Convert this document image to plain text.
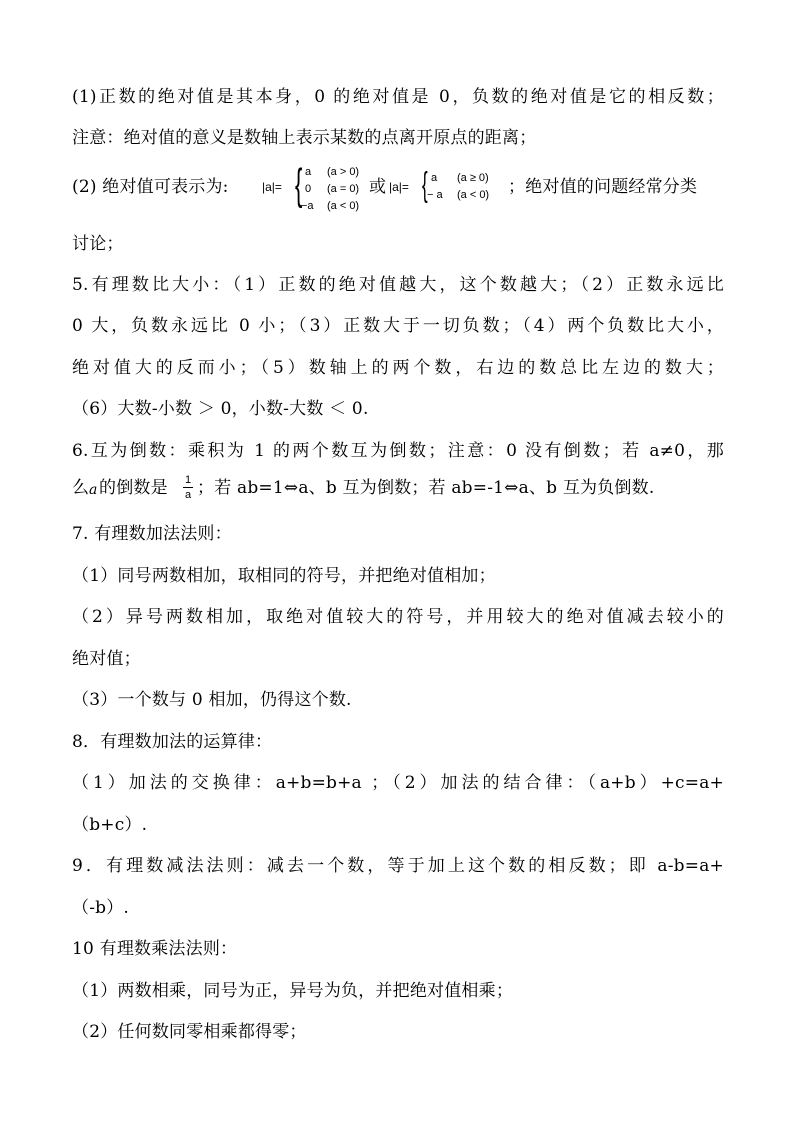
(1)正数的绝对值是其本身，0 的绝对值是 0，负数的绝对值是它的相反数；
注意：绝对值的意义是数轴上表示某数的点离开原点的距离；
(2) 绝对值可表示为:	|a|= { a (a > 0)
0 (a = 0)
−a (a < 0)
或 |a|= { a (a ≥ 0)
− a (a < 0) ；绝对值的问题经常分类
讨论；
5.有理数比大小：（1）正数的绝对值越大，这个数越大；（2）正数永远比
0 大，负数永远比 0 小；（3）正数大于一切负数；（4）两个负数比大小，
绝对值大的反而小；（5）数轴上的两个数，右边的数总比左边的数大；
（6）大数-小数 ＞ 0，小数-大数 ＜ 0.
6.互为倒数：乘积为 1 的两个数互为倒数；注意：0 没有倒数；若 a≠0，那
么 a 的倒数是 1
a ；若 ab=1⇔a、b 互为倒数；若 ab=-1⇔a、b 互为负倒数.
7. 有理数加法法则：
（1）同号两数相加，取相同的符号，并把绝对值相加；
（2）异号两数相加，取绝对值较大的符号，并用较大的绝对值减去较小的
绝对值；
（3）一个数与 0 相加，仍得这个数.
8．有理数加法的运算律：
（1）加法的交换律：a+b=b+a ；（2）加法的结合律：（a+b）+c=a+
（b+c）.
9．有理数减法法则：减去一个数，等于加上这个数的相反数；即 a-b=a+
（-b）.
10 有理数乘法法则：
（1）两数相乘，同号为正，异号为负，并把绝对值相乘；
（2）任何数同零相乘都得零；
